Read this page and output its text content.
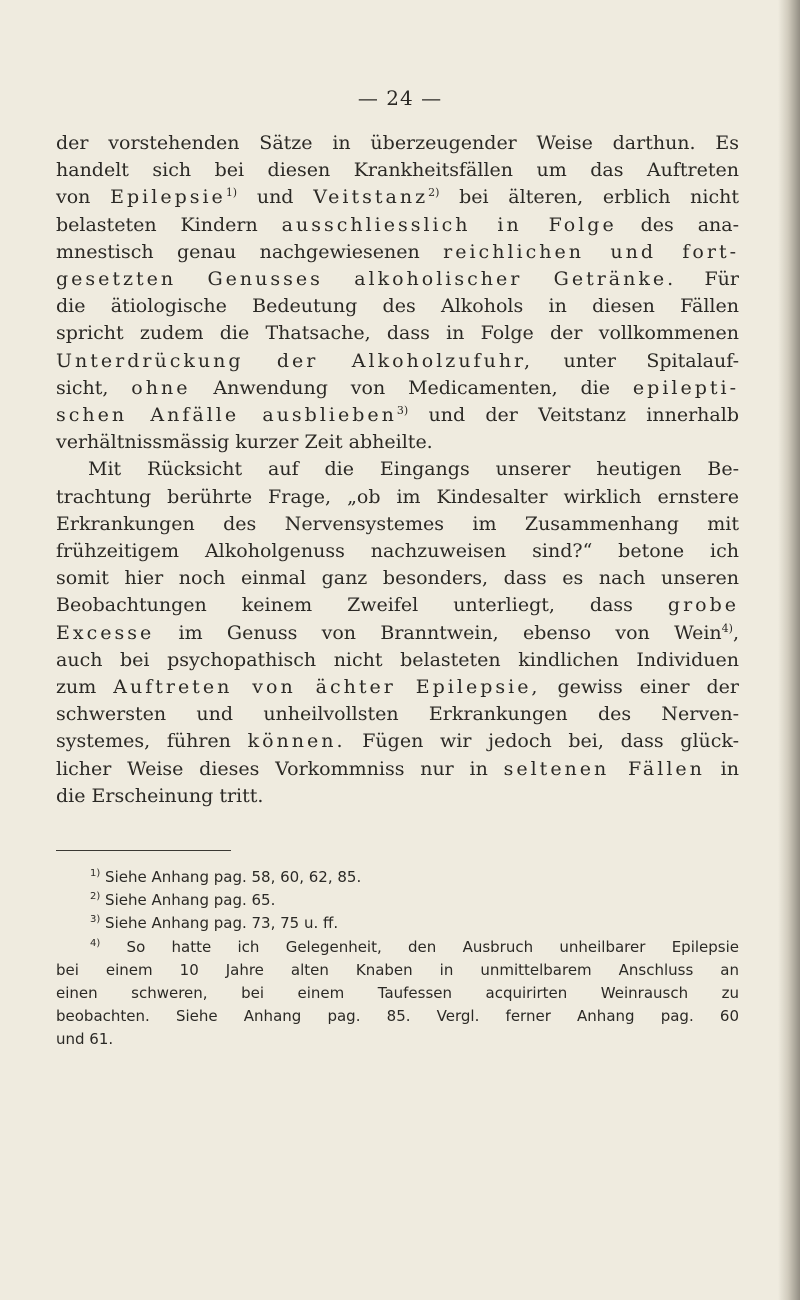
— 24 —

der vorstehenden Sätze in überzeugender Weise darthun. Es

handelt sich bei diesen Krankheitsfällen um das Auftreten

von Epilepsie$^{1)}$ und Veitstanz$^{2)}$ bei älteren, erblich nicht

belasteten Kindern ausschliesslich in Folge des ana-

mnestisch genau nachgewiesenen reichlichen und fort-

gesetzten Genusses alkoholischer Getränke. Für

die ätiologische Bedeutung des Alkohols in diesen Fällen

spricht zudem die Thatsache, dass in Folge der vollkommenen

Unterdrückung der Alkoholzufuhr, unter Spitalauf-

sicht, ohne Anwendung von Medicamenten, die epilepti-

schen Anfälle ausblieben$^{3)}$ und der Veitstanz innerhalb

verhältnissmässig kurzer Zeit abheilte.

Mit Rücksicht auf die Eingangs unserer heutigen Be-

trachtung berührte Frage, „ob im Kindesalter wirklich ernstere

Erkrankungen des Nervensystemes im Zusammenhang mit

frühzeitigem Alkoholgenuss nachzuweisen sind?“ betone ich

somit hier noch einmal ganz besonders, dass es nach unseren

Beobachtungen keinem Zweifel unterliegt, dass grobe

Excesse im Genuss von Branntwein, ebenso von Wein$^{4)}$,

auch bei psychopathisch nicht belasteten kindlichen Individuen

zum Auftreten von ächter Epilepsie, gewiss einer der

schwersten und unheilvollsten Erkrankungen des Nerven-

systemes, führen können. Fügen wir jedoch bei, dass glück-

licher Weise dieses Vorkommniss nur in seltenen Fällen in

die Erscheinung tritt.

$^{1)}$ Siehe Anhang pag. 58, 60, 62, 85.

$^{2)}$ Siehe Anhang pag. 65.

$^{3)}$ Siehe Anhang pag. 73, 75 u. ff.

$^{4)}$ So hatte ich Gelegenheit, den Ausbruch unheilbarer Epilepsie

bei einem 10 Jahre alten Knaben in unmittelbarem Anschluss an

einen schweren, bei einem Taufessen acquirirten Weinrausch zu

beobachten. Siehe Anhang pag. 85. Vergl. ferner Anhang pag. 60

und 61.
